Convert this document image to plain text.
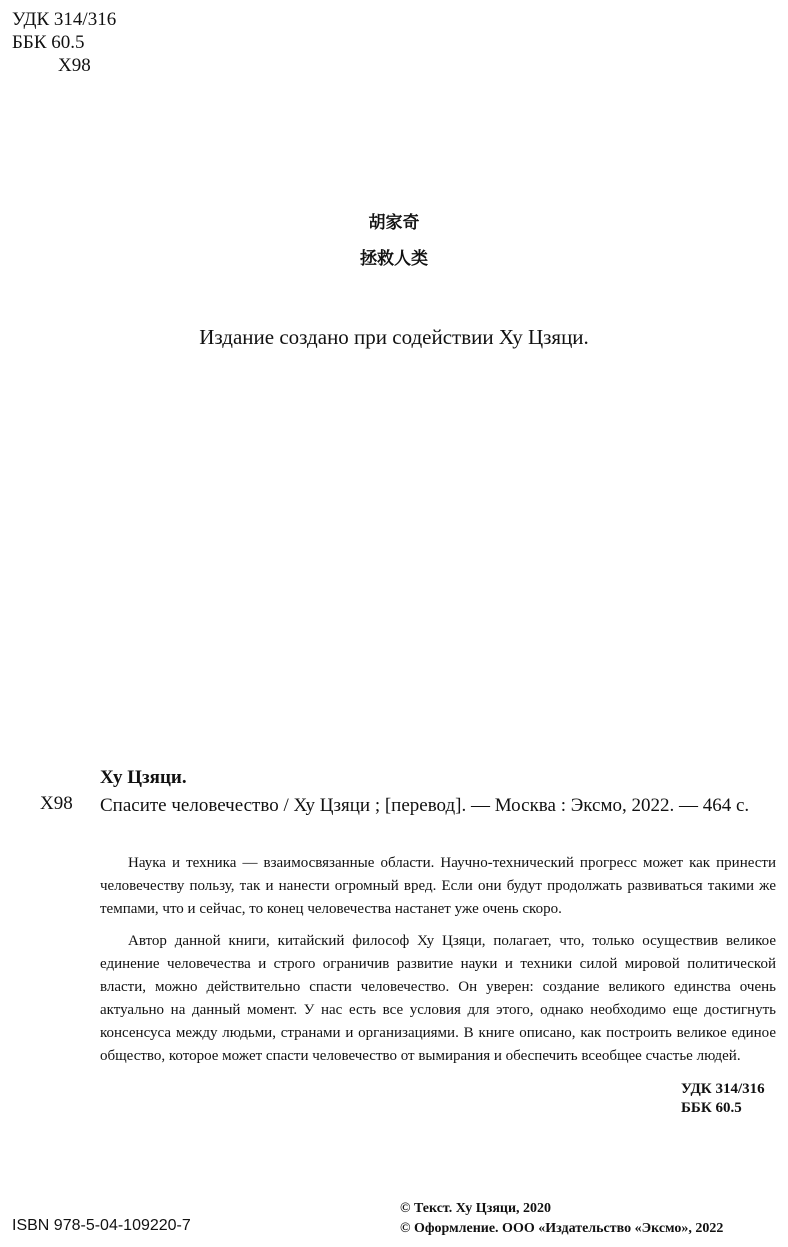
УДК 314/316
ББК 60.5
Х98
胡家奇
拯救人类
Издание создано при содействии Ху Цзяци.
Ху Цзяци.
Х98 Спасите человечество / Ху Цзяци ; [перевод]. — Москва : Эксмо, 2022. — 464 с.
Наука и техника — взаимосвязанные области. Научно-технический прогресс может как принести человечеству пользу, так и нанести огромный вред. Если они будут продолжать развиваться такими же темпами, что и сейчас, то конец человечества настанет уже очень скоро.
Автор данной книги, китайский философ Ху Цзяци, полагает, что, только осуществив великое единение человечества и строго ограничив развитие науки и техники силой мировой политической власти, можно действительно спасти человечество. Он уверен: создание великого единства очень актуально на данный момент. У нас есть все условия для этого, однако необходимо еще достигнуть консенсуса между людьми, странами и организациями. В книге описано, как построить великое единое общество, которое может спасти человечество от вымирания и обеспечить всеобщее счастье людей.
УДК 314/316
ББК 60.5
ISBN 978-5-04-109220-7
© Текст. Ху Цзяци, 2020
© Оформление. ООО «Издательство «Эксмо», 2022
